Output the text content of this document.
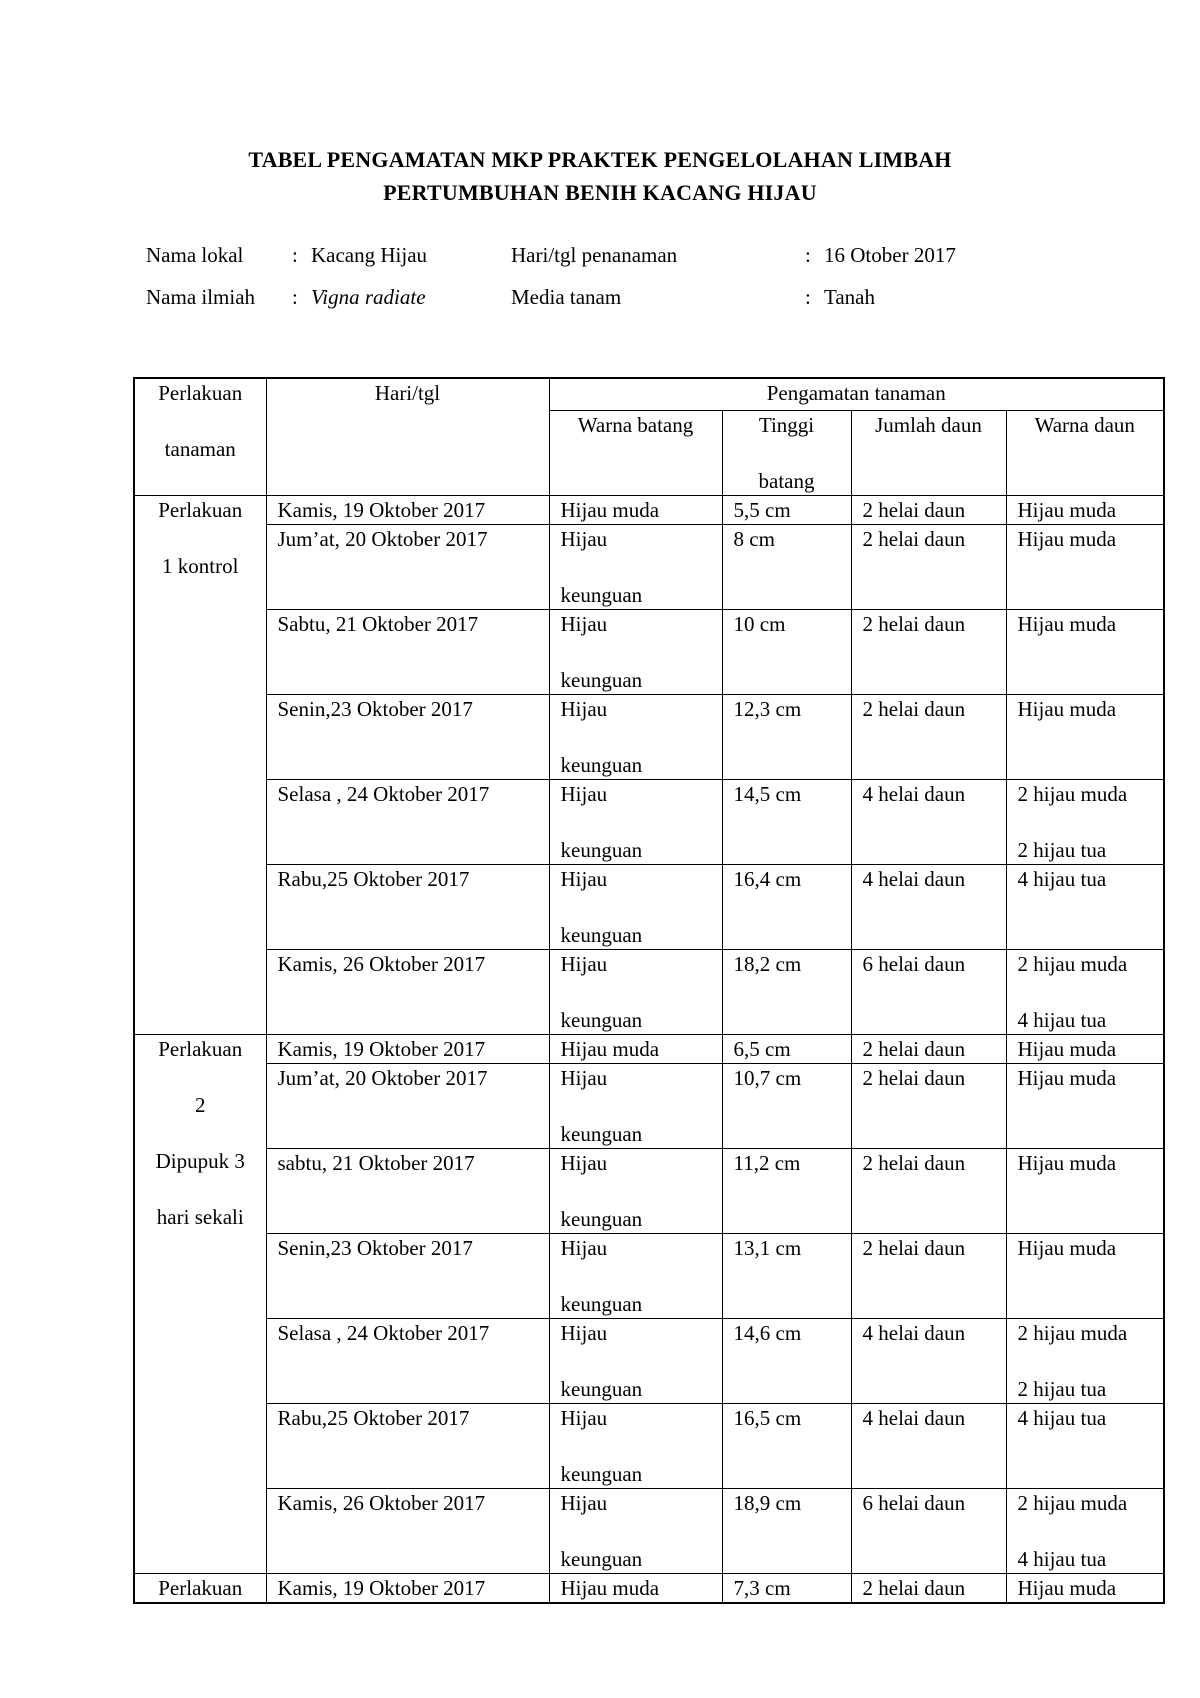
TABEL PENGAMATAN MKP PRAKTEK PENGELOLAHAN LIMBAH
PERTUMBUHAN BENIH KACANG HIJAU
Nama lokal : Kacang Hijau	Hari/tgl penanaman	: 16 Otober 2017
Nama ilmiah : Vigna radiate	Media tanam	: Tanah
Perlakuan
tanaman	Hari/tgl	Pengamatan tanaman			

		Warna batang	Tinggi
batang	Jumlah daun	Warna daun

Perlakuan
1 kontrol	Kamis, 19 Oktober 2017	Hijau muda	5,5 cm	2 helai daun	Hijau muda

	Jum’at, 20 Oktober 2017	Hijau
keunguan	8 cm	2 helai daun	Hijau muda

	Sabtu, 21 Oktober 2017	Hijau
keunguan	10 cm	2 helai daun	Hijau muda

	Senin,23 Oktober 2017	Hijau
keunguan	12,3 cm	2 helai daun	Hijau muda

	Selasa , 24 Oktober 2017	Hijau
keunguan	14,5 cm	4 helai daun	2 hijau muda
2 hijau tua

	Rabu,25 Oktober 2017	Hijau
keunguan	16,4 cm	4 helai daun	4 hijau tua

	Kamis, 26 Oktober 2017	Hijau
keunguan	18,2 cm	6 helai daun	2 hijau muda
4 hijau tua

Perlakuan
2
Dipupuk 3
hari sekali	Kamis, 19 Oktober 2017	Hijau muda	6,5 cm	2 helai daun	Hijau muda

	Jum’at, 20 Oktober 2017	Hijau
keunguan	10,7 cm	2 helai daun	Hijau muda

	sabtu, 21 Oktober 2017	Hijau
keunguan	11,2 cm	2 helai daun	Hijau muda

	Senin,23 Oktober 2017	Hijau
keunguan	13,1 cm	2 helai daun	Hijau muda

	Selasa , 24 Oktober 2017	Hijau
keunguan	14,6 cm	4 helai daun	2 hijau muda
2 hijau tua

	Rabu,25 Oktober 2017	Hijau
keunguan	16,5 cm	4 helai daun	4 hijau tua

	Kamis, 26 Oktober 2017	Hijau
keunguan	18,9 cm	6 helai daun	2 hijau muda
4 hijau tua

Perlakuan	Kamis, 19 Oktober 2017	Hijau muda	7,3 cm	2 helai daun	Hijau muda
